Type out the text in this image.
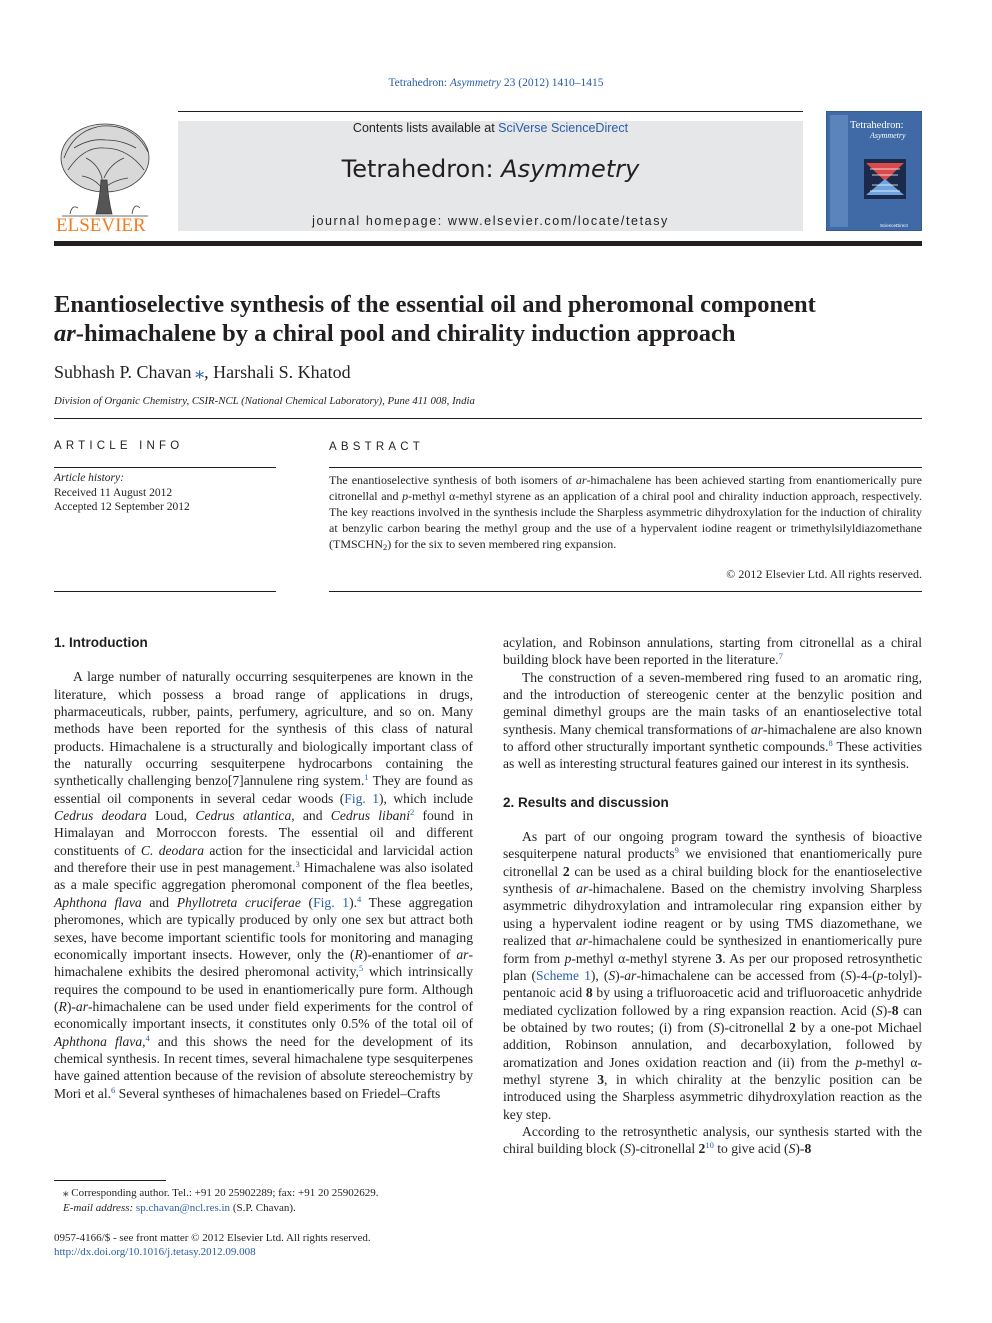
Tetrahedron: Asymmetry 23 (2012) 1410–1415
ELSEVIER
Contents lists available at SciVerse ScienceDirect
Tetrahedron: Asymmetry
journal homepage: www.elsevier.com/locate/tetasy
Tetrahedron:
Asymmetry
ScienceDirect
Enantioselective synthesis of the essential oil and pheromonal component
ar-himachalene by a chiral pool and chirality induction approach
Subhash P. Chavan  ⁎, Harshali S. Khatod
Division of Organic Chemistry, CSIR-NCL (National Chemical Laboratory), Pune 411 008, India
ARTICLE INFO	ABSTRACT
Article history:
Received 11 August 2012
Accepted 12 September 2012
The enantioselective synthesis of both isomers of ar-himachalene has been achieved starting from enantiomerically pure citronellal and p-methyl α-methyl styrene as an application of a chiral pool and chirality induction approach, respectively. The key reactions involved in the synthesis include the Sharpless asymmetric dihydroxylation for the induction of chirality at benzylic carbon bearing the methyl group and the use of a hypervalent iodine reagent or trimethylsilyldiazomethane $(TMSCHN_2)$ for the six to seven membered ring expansion.
© 2012 Elsevier Ltd. All rights reserved.

1. Introduction

A large number of naturally occurring sesquiterpenes are known in the literature, which possess a broad range of applications in drugs, pharmaceuticals, rubber, paints, perfumery, agriculture, and so on. Many methods have been reported for the synthesis of this class of natural products. Himachalene is a structurally and biologically important class of the naturally occurring sesquiterpene hydrocarbons containing the synthetically challenging benzo[7]annulene ring system.$^1$ They are found as essential oil components in several cedar woods (Fig. 1), which include Cedrus deodara Loud, Cedrus atlantica, and Cedrus libani$^2$ found in Himalayan and Morroccon forests. The essential oil and different constituents of C. deodara action for the insecticidal and larvicidal action and therefore their use in pest management.$^3$ Himachalene was also isolated as a male specific aggregation pheromonal component of the flea beetles, Aphthona flava and Phyllotreta cruciferae (Fig. 1).$^4$ These aggregation pheromones, which are typically produced by only one sex but attract both sexes, have become important scientific tools for monitoring and managing economically important insects. However, only the (R)-enantiomer of ar-himachalene exhibits the desired pheromonal activity,$^5$ which intrinsically requires the compound to be used in enantiomerically pure form. Although (R)-ar-himachalene can be used under field experiments for the control of economically important insects, it constitutes only 0.5% of the total oil of Aphthona flava,$^4$ and this shows the need for the development of its chemical synthesis. In recent times, several himachalene type sesquiterpenes have gained attention because of the revision of absolute stereochemistry by Mori et al.$^6$ Several syntheses of himachalenes based on Friedel–Crafts

acylation, and Robinson annulations, starting from citronellal as a chiral building block have been reported in the literature.$^7$

The construction of a seven-membered ring fused to an aromatic ring, and the introduction of stereogenic center at the benzylic position and geminal dimethyl groups are the main tasks of an enantioselective total synthesis. Many chemical transformations of ar-himachalene are also known to afford other structurally important synthetic compounds.$^8$ These activities as well as interesting structural features gained our interest in its synthesis.

2. Results and discussion

As part of our ongoing program toward the synthesis of bioactive sesquiterpene natural products$^9$ we envisioned that enantiomerically pure citronellal 2 can be used as a chiral building block for the enantioselective synthesis of ar-himachalene. Based on the chemistry involving Sharpless asymmetric dihydroxylation and intramolecular ring expansion either by using a hypervalent iodine reagent or by using TMS diazomethane, we realized that ar-himachalene could be synthesized in enantiomerically pure form from p-methyl α-methyl styrene 3. As per our proposed retrosynthetic plan (Scheme 1), (S)-ar-himachalene can be accessed from (S)-4-(p-tolyl)-pentanoic acid 8 by using a trifluoroacetic acid and trifluoroacetic anhydride mediated cyclization followed by a ring expansion reaction. Acid (S)-8 can be obtained by two routes; (i) from (S)-citronellal 2 by a one-pot Michael addition, Robinson annulation, and decarboxylation, followed by aromatization and Jones oxidation reaction and (ii) from the p-methyl α-methyl styrene 3, in which chirality at the benzylic position can be introduced using the Sharpless asymmetric dihydroxylation reaction as the key step.

According to the retrosynthetic analysis, our synthesis started with the chiral building block (S)-citronellal $2^{10}$ to give acid (S)-8

⁎ Corresponding author. Tel.: +91 20 25902289; fax: +91 20 25902629.
E-mail address: sp.chavan@ncl.res.in (S.P. Chavan).
0957-4166/$ - see front matter © 2012 Elsevier Ltd. All rights reserved.
http://dx.doi.org/10.1016/j.tetasy.2012.09.008
